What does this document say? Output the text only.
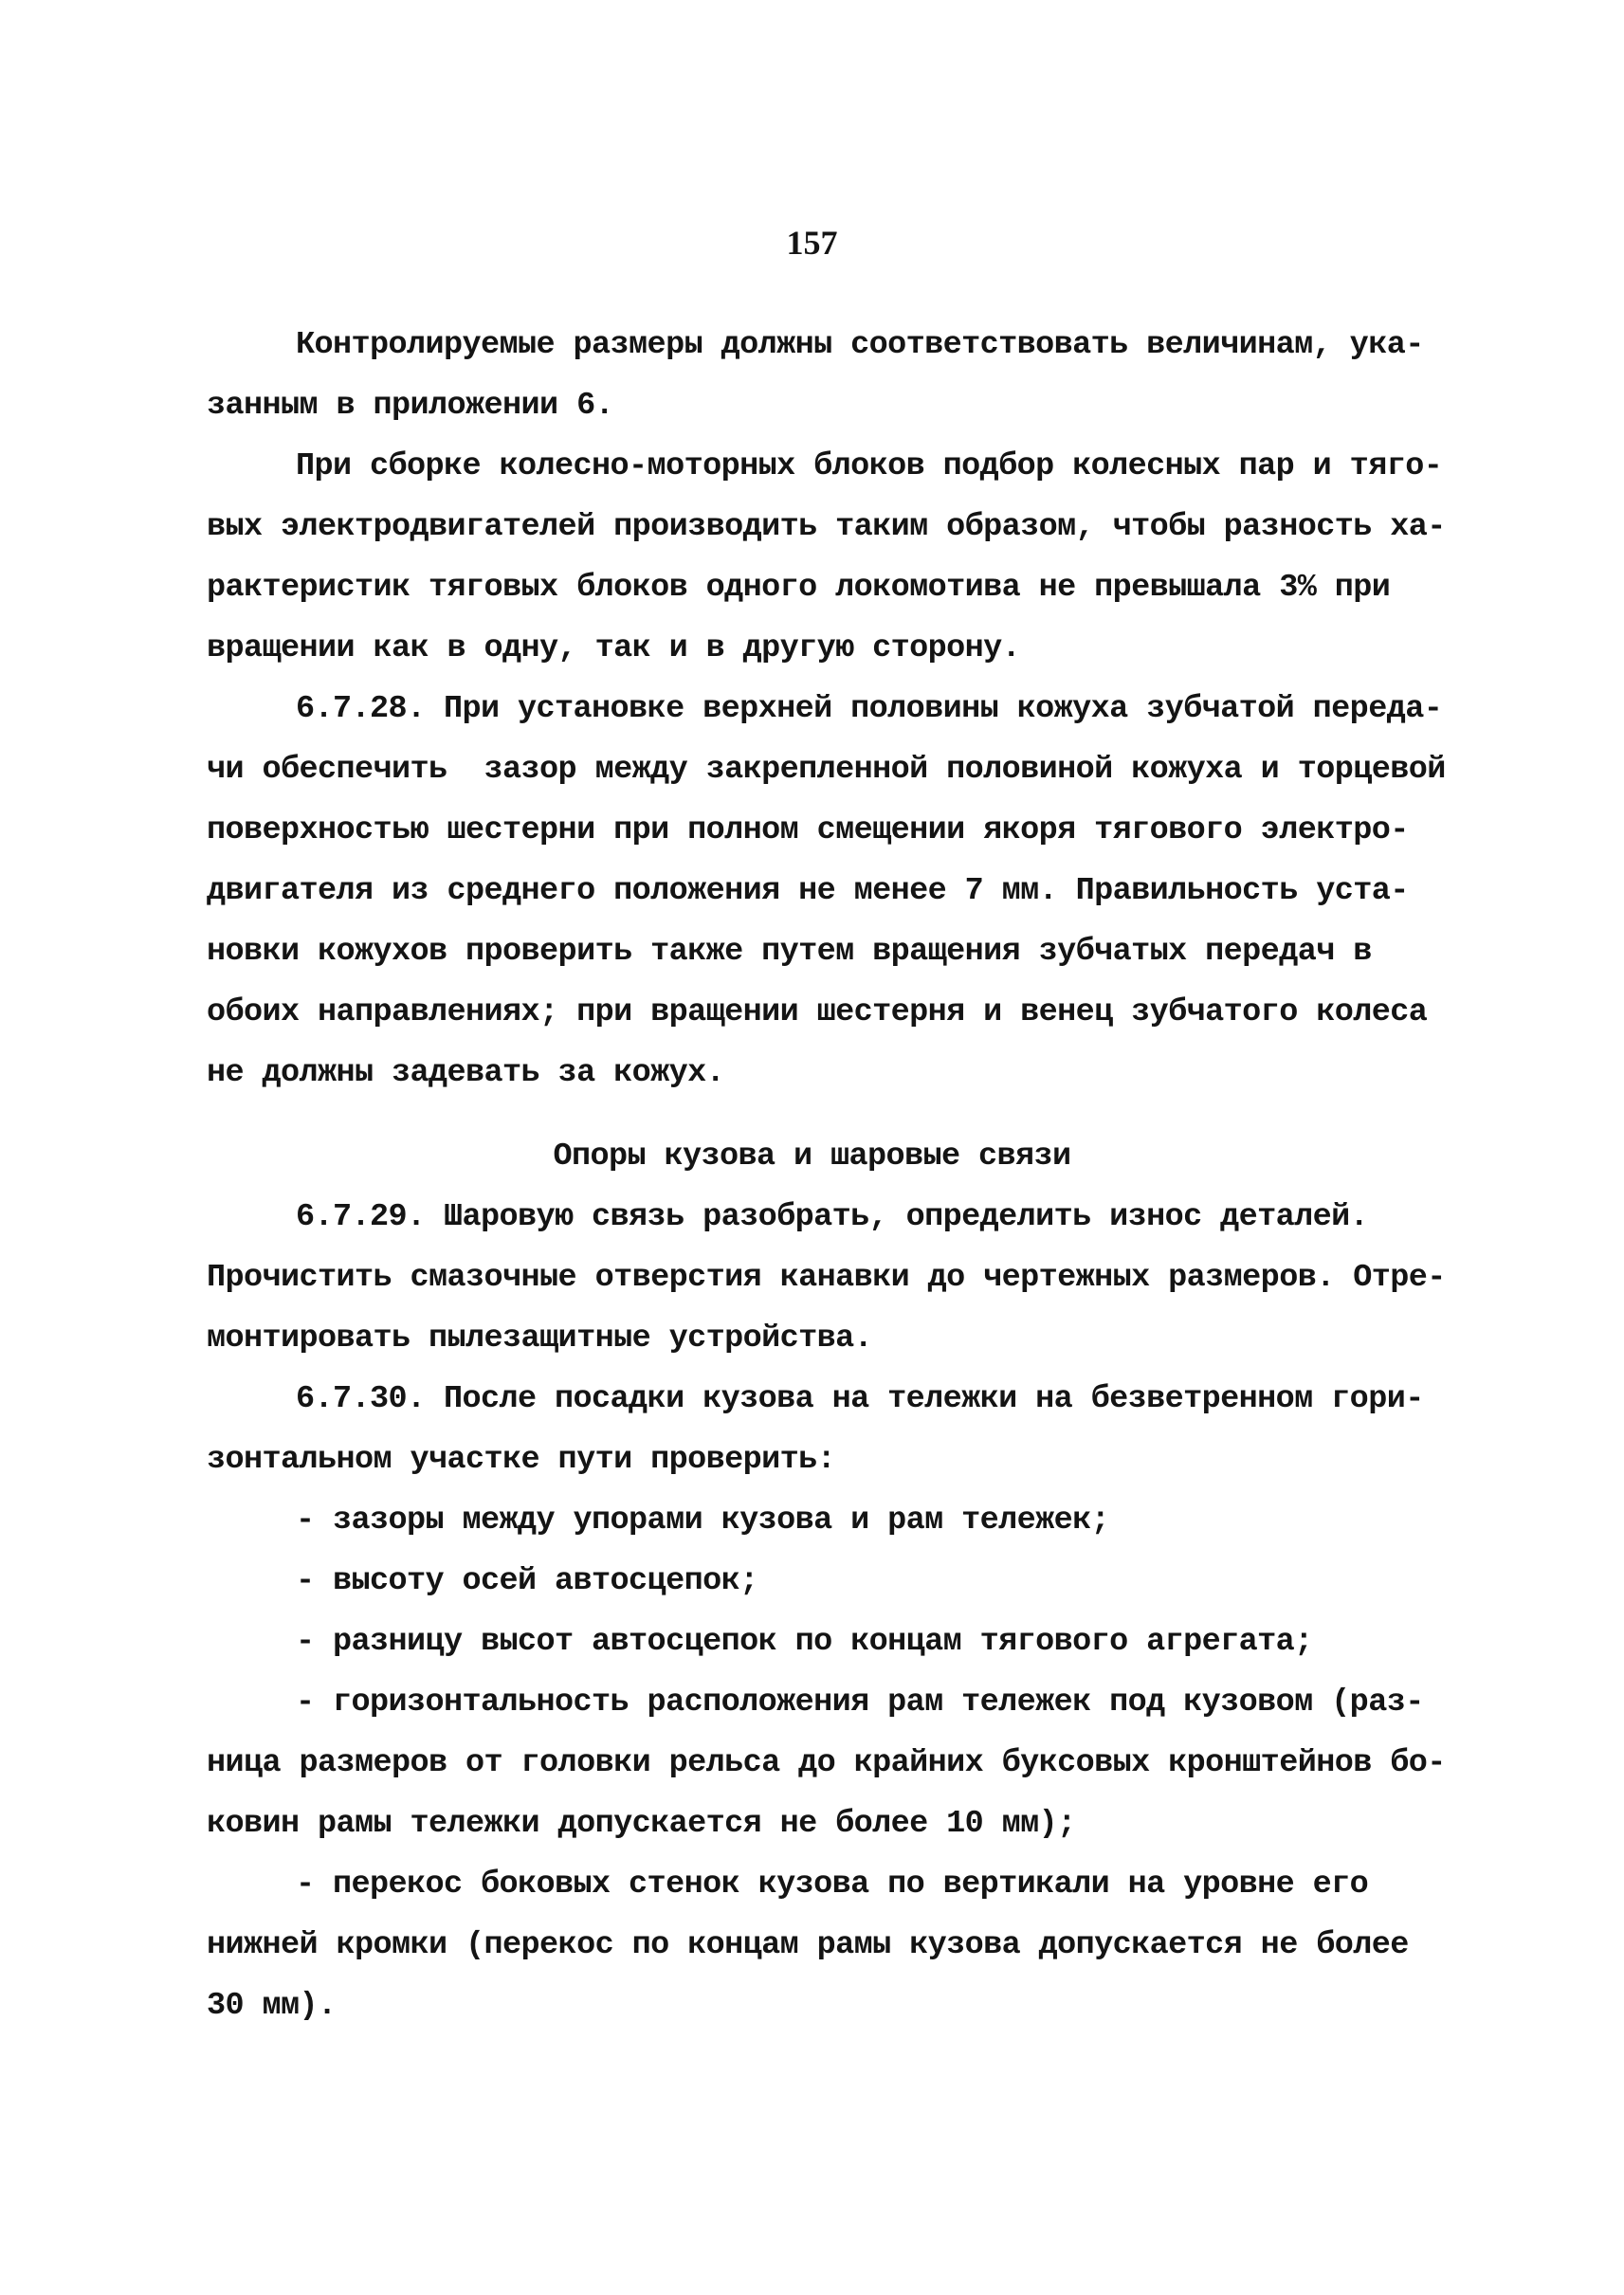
157
Контролируемые размеры должны соответствовать величинам, ука-
занным в приложении 6.
При сборке колесно-моторных блоков подбор колесных пар и тяго-
вых электродвигателей производить таким образом, чтобы разность ха-
рактеристик тяговых блоков одного локомотива не превышала 3% при
вращении как в одну, так и в другую сторону.
6.7.28. При установке верхней половины кожуха зубчатой переда-
чи обеспечить  зазор между закрепленной половиной кожуха и торцевой
поверхностью шестерни при полном смещении якоря тягового электро-
двигателя из среднего положения не менее 7 мм. Правильность уста-
новки кожухов проверить также путем вращения зубчатых передач в
обоих направлениях; при вращении шестерня и венец зубчатого колеса
не должны задевать за кожух.
Опоры кузова и шаровые связи
6.7.29. Шаровую связь разобрать, определить износ деталей.
Прочистить смазочные отверстия канавки до чертежных размеров. Отре-
монтировать пылезащитные устройства.
6.7.30. После посадки кузова на тележки на безветренном гори-
зонтальном участке пути проверить:
- зазоры между упорами кузова и рам тележек;
- высоту осей автосцепок;
- разницу высот автосцепок по концам тягового агрегата;
- горизонтальность расположения рам тележек под кузовом (раз-
ница размеров от головки рельса до крайних буксовых кронштейнов бо-
ковин рамы тележки допускается не более 10 мм);
- перекос боковых стенок кузова по вертикали на уровне его
нижней кромки (перекос по концам рамы кузова допускается не более
30 мм).
